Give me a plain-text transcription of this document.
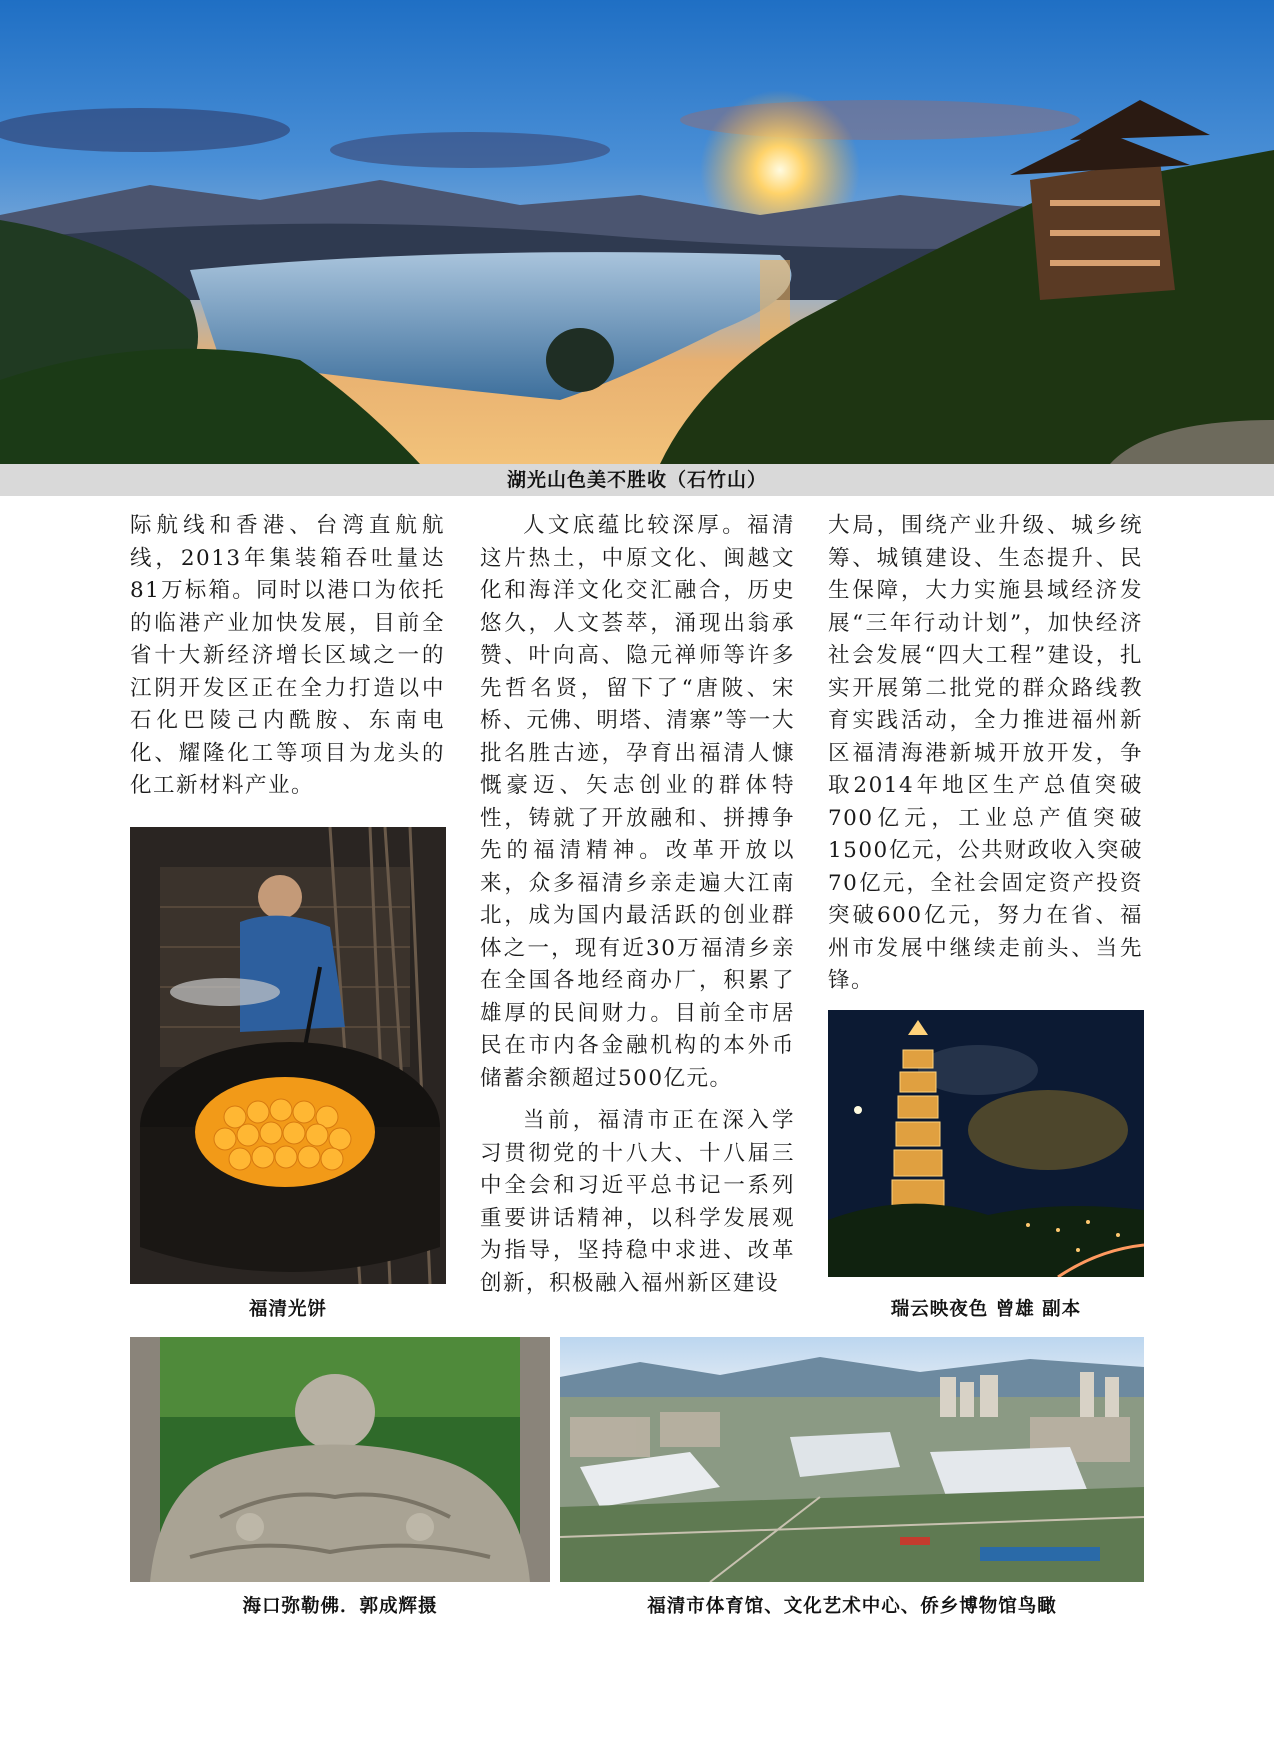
湖光山色美不胜收（石竹山）

际航线和香港、台湾直航航线，2013年集装箱吞吐量达81万标箱。同时以港口为依托的临港产业加快发展，目前全省十大新经济增长区域之一的江阴开发区正在全力打造以中石化巴陵己内酰胺、东南电化、耀隆化工等项目为龙头的化工新材料产业。

人文底蕴比较深厚。福清这片热土，中原文化、闽越文化和海洋文化交汇融合，历史悠久，人文荟萃，涌现出翁承赞、叶向高、隐元禅师等许多先哲名贤，留下了“唐陂、宋桥、元佛、明塔、清寨”等一大批名胜古迹，孕育出福清人慷慨豪迈、矢志创业的群体特性，铸就了开放融和、拼搏争先的福清精神。改革开放以来，众多福清乡亲走遍大江南北，成为国内最活跃的创业群体之一，现有近30万福清乡亲在全国各地经商办厂，积累了雄厚的民间财力。目前全市居民在市内各金融机构的本外币储蓄余额超过500亿元。

当前，福清市正在深入学习贯彻党的十八大、十八届三中全会和习近平总书记一系列重要讲话精神，以科学发展观为指导，坚持稳中求进、改革创新，积极融入福州新区建设

大局，围绕产业升级、城乡统筹、城镇建设、生态提升、民生保障，大力实施县域经济发展“三年行动计划”，加快经济社会发展“四大工程”建设，扎实开展第二批党的群众路线教育实践活动，全力推进福州新区福清海港新城开放开发，争取2014年地区生产总值突破700亿元，工业总产值突破1500亿元，公共财政收入突破70亿元，全社会固定资产投资突破600亿元，努力在省、福州市发展中继续走前头、当先锋。

福清光饼	瑞云映夜色 曾雄 副本
海口弥勒佛．郭成辉摄	福清市体育馆、文化艺术中心、侨乡博物馆鸟瞰
